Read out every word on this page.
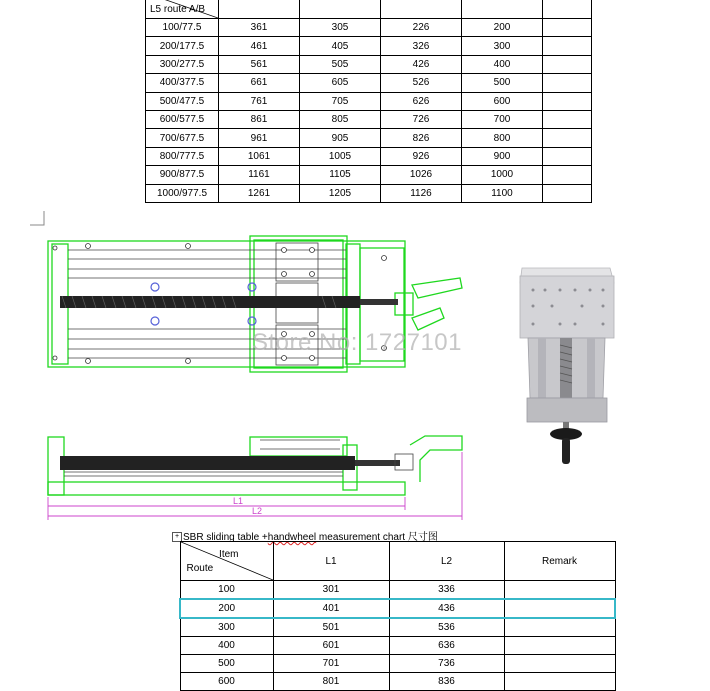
L5 route A/B

100/77.5	361	305	226	200	
200/177.5	461	405	326	300	
300/277.5	561	505	426	400	
400/377.5	661	605	526	500	
500/477.5	761	705	626	600	
600/577.5	861	805	726	700	
700/677.5	961	905	826	800	
800/777.5	1061	1005	926	900	
900/877.5	1161	1105	1026	1000	
1000/977.5	1261	1205	1126	1100	
L1
L2
Store No: 1727101
+ SBR sliding table +handwheel measurement chart 尺寸图
Item
Route	L1	L2	Remark
100	301	336	
200	401	436	
300	501	536	
400	601	636	
500	701	736	
600	801	836	
